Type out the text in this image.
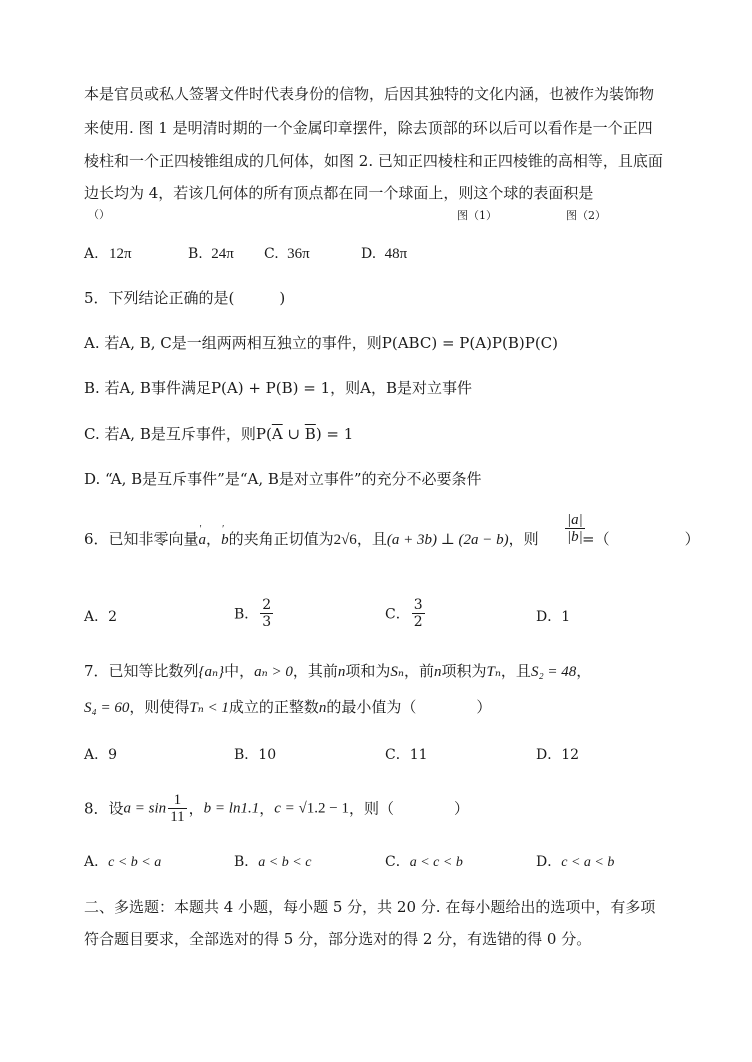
本是官员或私人签署文件时代表身份的信物，后因其独特的文化内涵，也被作为装饰物
来使用. 图 1 是明清时期的一个金属印章摆件，除去顶部的环以后可以看作是一个正四
棱柱和一个正四棱锥组成的几何体，如图 2. 已知正四棱柱和正四棱锥的高相等，且底面
边长均为 4，若该几何体的所有顶点都在同一个球面上，则这个球的表面积是
（）	图（1）	图（2）
A. 12π	B. 24π C. 36π	D. 48π
5．下列结论正确的是(　　　)
A. 若A, B, C是一组两两相互独立的事件，则P(ABC) = P(A)P(B)P(C)
B. 若A, B事件满足P(A) + P(B) = 1，则A，B是对立事件
C. 若A, B是互斥事件，则$P(\overline{A}$ ∪ $\overline{B}) = 1$
D. “A, B是互斥事件”是“A, B是对立事件”的充分不必要条件
6．已知非零向量′ a，′ b的夹角正切值为2√6，且(a + 3b) ⊥ (2a − b)，则 $\frac{|a|}{|b|}$
=（　　　　　）
A．2	B． $\frac{2}{3}$	C． $\frac{3}{2}$	D．1
7．已知等比数列{aₙ}中，aₙ > 0，其前n项和为Sₙ，前n项积为Tₙ，且S₂ = 48，
S₄ = 60，则使得Tₙ < 1成立的正整数n的最小值为（　　　　）
A．9	B．10	C．11	D．12
8．设$a = \sin \frac{1}{11}$ ，b = ln1.1，c = √1.2 − 1，则（　　　　）
A．c < b < a	B．a < b < c	C．a < c < b	D．c < a < b
二、多选题：本题共 4 小题，每小题 5 分，共 20 分. 在每小题给出的选项中，有多项
符合题目要求，全部选对的得 5 分，部分选对的得 2 分，有选错的得 0 分。
